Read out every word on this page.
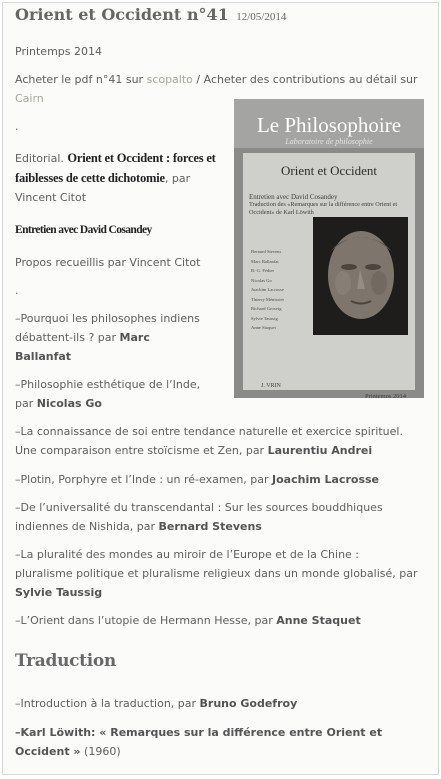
Orient et Occident n°41 12/05/2014
Printemps 2014
Acheter le pdf n°41 sur scopalto / Acheter des contributions au détail sur
Cairn
.
Editorial. Orient et Occident : forces et
faiblesses de cette dichotomie, par
Vincent Citot
Entretien avec David Cosandey
Propos recueillis par Vincent Citot
.
–Pourquoi les philosophes indiens
débattent-ils ? par Marc
Ballanfat
–Philosophie esthétique de l’Inde,
par Nicolas Go
–La connaissance de soi entre tendance naturelle et exercice spirituel.
Une comparaison entre stoïcisme et Zen, par Laurentiu Andrei
–Plotin, Porphyre et l’Inde : un ré-examen, par Joachim Lacrosse
–De l’universalité du transcendantal : Sur les sources bouddhiques
indiennes de Nishida, par Bernard Stevens
–La pluralité des mondes au miroir de l’Europe et de la Chine :
pluralisme politique et pluralisme religieux dans un monde globalisé, par
Sylvie Taussig
–L’Orient dans l’utopie de Hermann Hesse, par Anne Staquet
Traduction
–Introduction à la traduction, par Bruno Godefroy
–Karl Löwith: « Remarques sur la différence entre Orient et
Occident » (1960)
Le Philosophoire
Laboratoire de philosophie
Orient et Occident
Entretien avec David Cosandey
Traduction des «Remarques sur la différence entre Orient et Occident» de Karl Löwith
Bernard Stevens
Marc Ballanfat
B.-G. Fédier
Nicolas Go
Joachim Lacrosse
Thierry Ménissier
Richard Grosvig
Sylvie Taussig
Anne Staquet
J. VRIN
Printemps 2014
